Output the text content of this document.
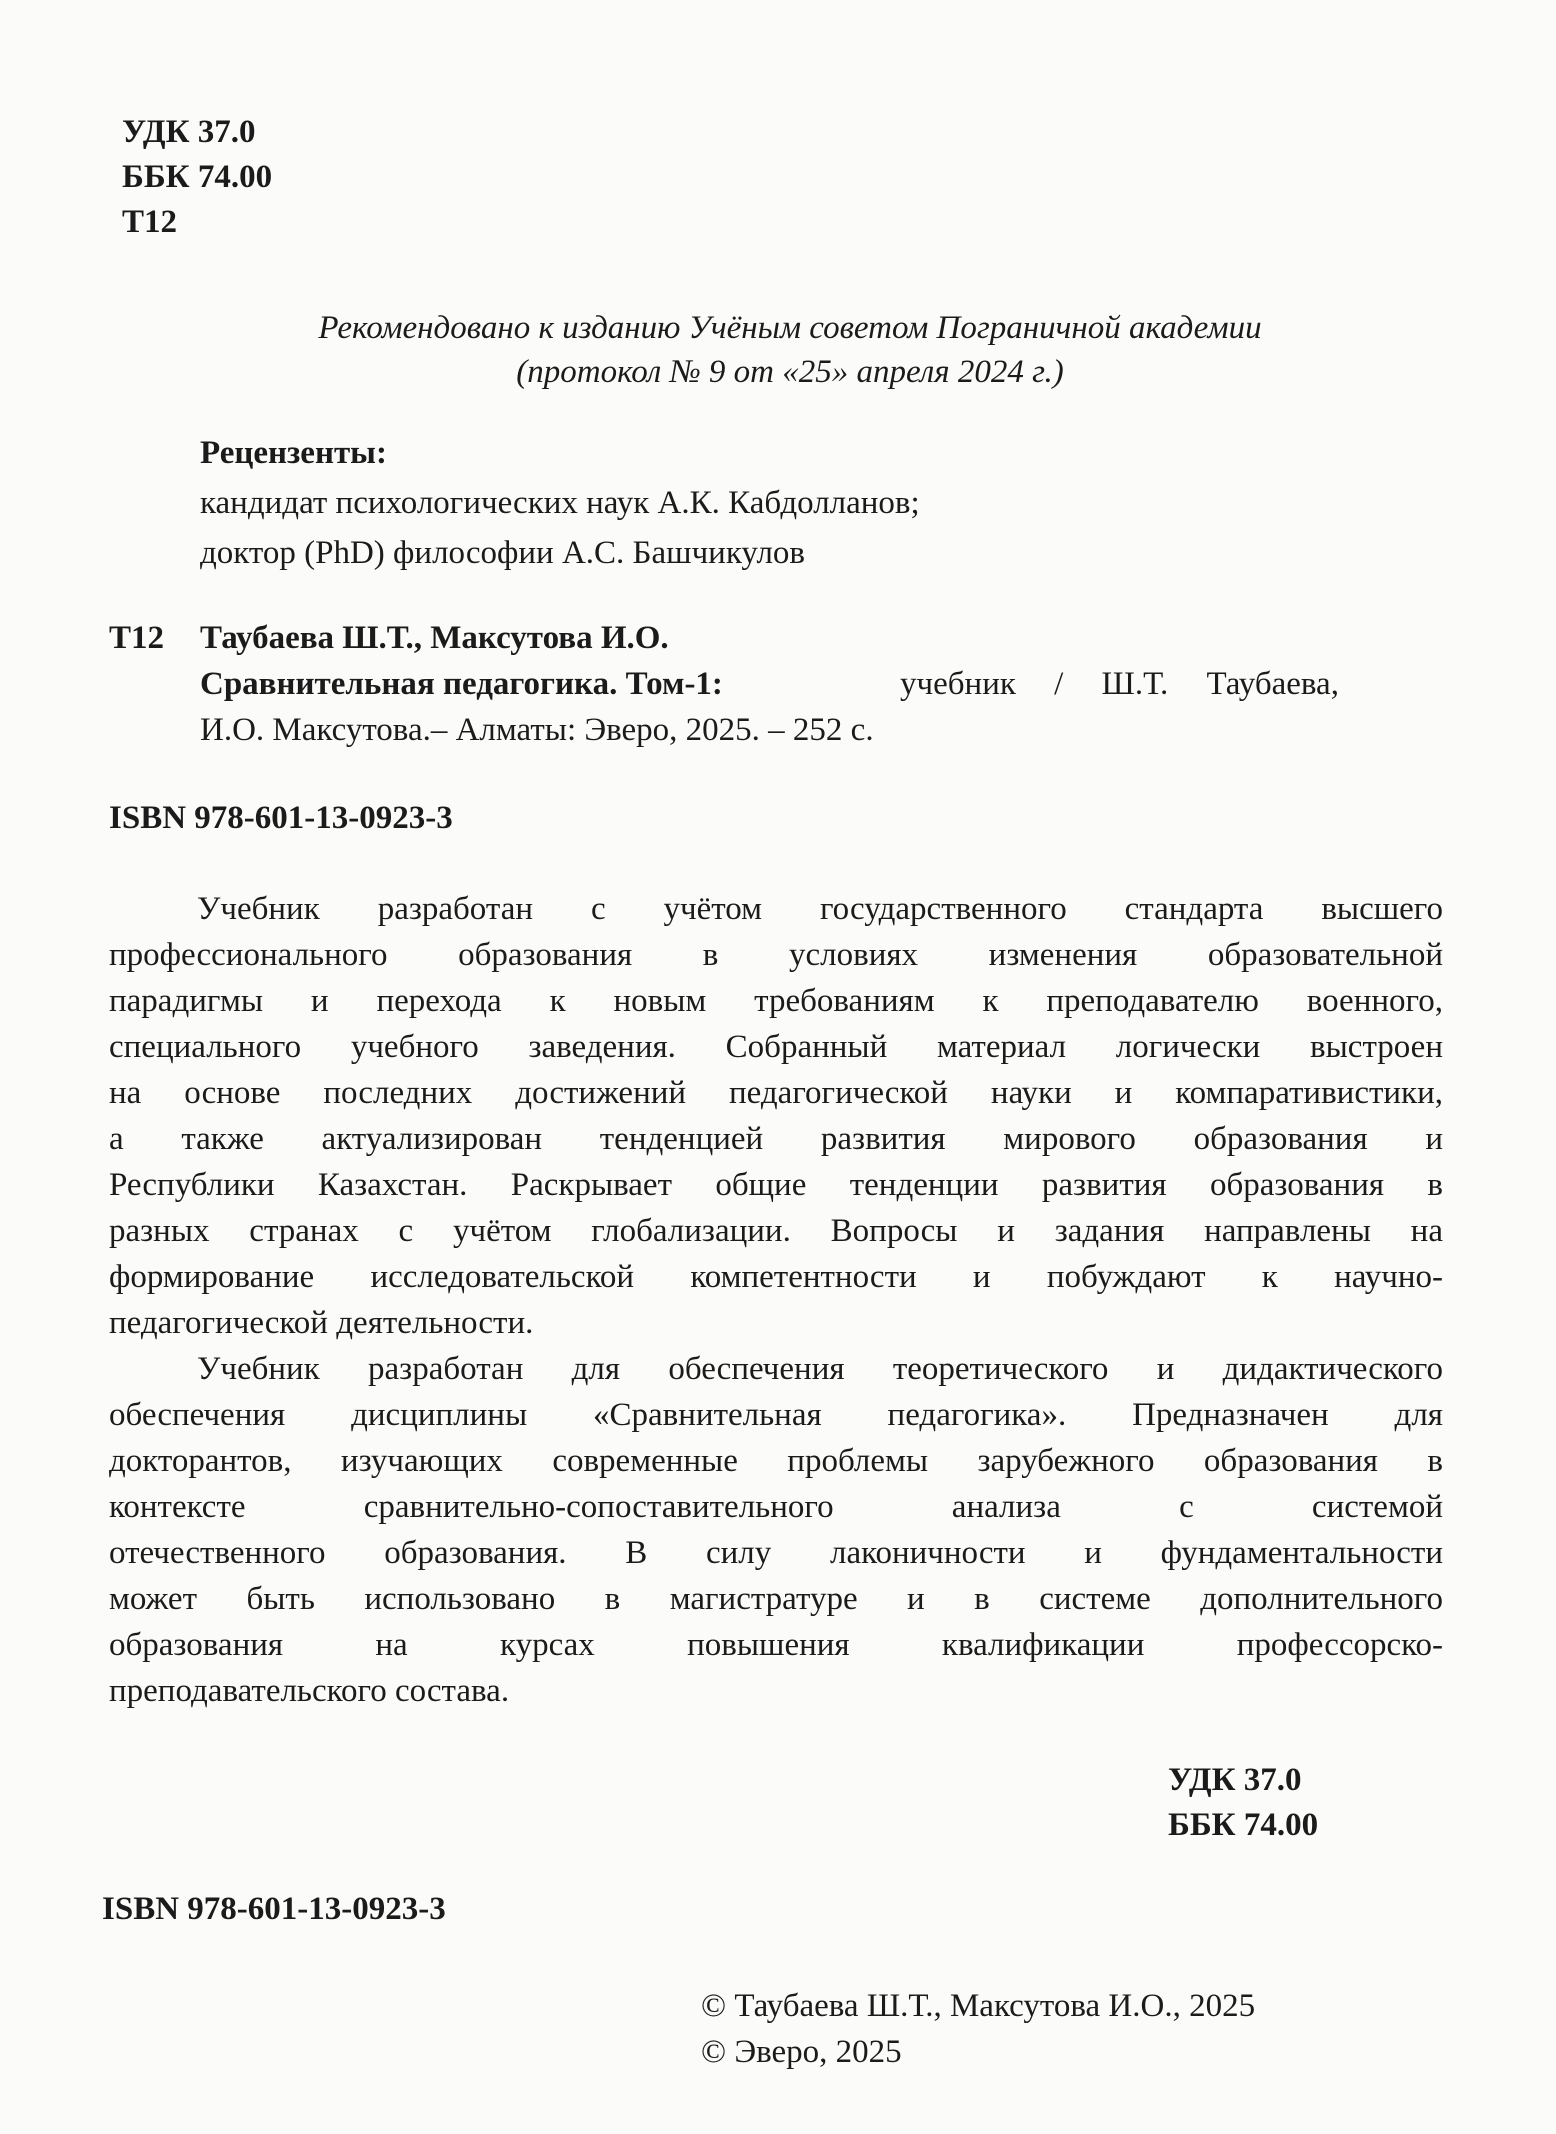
УДК 37.0
ББК 74.00
Т12
Рекомендовано к изданию Учёным советом Пограничной академии
(протокол № 9 от «25» апреля 2024 г.)
Рецензенты:
кандидат психологических наук А.К. Кабдолланов;
доктор (PhD) философии А.С. Башчикулов
Т12 Таубаева Ш.Т., Максутова И.О.
Сравнительная педагогика. Том-1:	учебник / Ш.Т. Таубаева,
И.О. Максутова.– Алматы: Эверо, 2025. – 252 с.
ISBN 978-601-13-0923-3
Учебник разработан с учётом государственного стандарта высшего
профессионального образования в условиях изменения образовательной
парадигмы и перехода к новым требованиям к преподавателю военного,
специального учебного заведения. Собранный материал логически выстроен
на основе последних достижений педагогической науки и компаративистики,
а также актуализирован тенденцией развития мирового образования и
Республики Казахстан. Раскрывает общие тенденции развития образования в
разных странах с учётом глобализации. Вопросы и задания направлены на
формирование исследовательской компетентности и побуждают к научно-
педагогической деятельности.
Учебник разработан для обеспечения теоретического и дидактического
обеспечения дисциплины «Сравнительная педагогика». Предназначен для
докторантов, изучающих современные проблемы зарубежного образования в
контексте сравнительно-сопоставительного анализа с системой
отечественного образования. В силу лаконичности и фундаментальности
может быть использовано в магистратуре и в системе дополнительного
образования на курсах повышения квалификации профессорско-
преподавательского состава.
УДК 37.0
ББК 74.00
ISBN 978-601-13-0923-3
© Таубаева Ш.Т., Максутова И.О., 2025
© Эверо, 2025
